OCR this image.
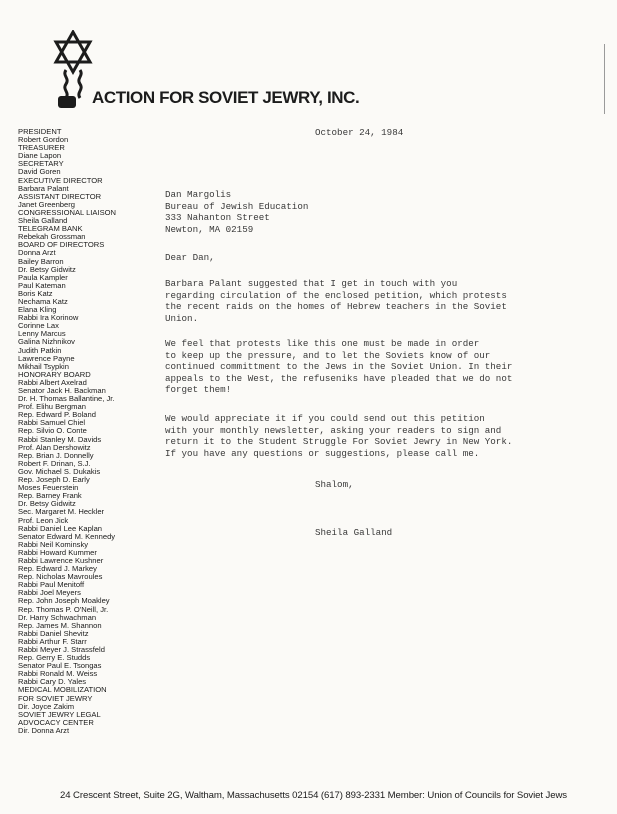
ACTION FOR SOVIET JEWRY, INC.
PRESIDENT
Robert Gordon
TREASURER
Diane Lapon
SECRETARY
David Goren
EXECUTIVE DIRECTOR
Barbara Palant
ASSISTANT DIRECTOR
Janet Greenberg
CONGRESSIONAL LIAISON
Sheila Galland
TELEGRAM BANK
Rebekah Grossman
BOARD OF DIRECTORS
Donna Arzt
Bailey Barron
Dr. Betsy Gidwitz
Paula Kampler
Paul Kateman
Boris Katz
Nechama Katz
Elana Kling
Rabbi Ira Korinow
Corinne Lax
Lenny Marcus
Galina Nizhnikov
Judith Patkin
Lawrence Payne
Mikhail Tsypkin
HONORARY BOARD
Rabbi Albert Axelrad
Senator Jack H. Backman
Dr. H. Thomas Ballantine, Jr.
Prof. Elihu Bergman
Rep. Edward P. Boland
Rabbi Samuel Chiel
Rep. Silvio O. Conte
Rabbi Stanley M. Davids
Prof. Alan Dershowitz
Rep. Brian J. Donnelly
Robert F. Drinan, S.J.
Gov. Michael S. Dukakis
Rep. Joseph D. Early
Moses Feuerstein
Rep. Barney Frank
Dr. Betsy Gidwitz
Sec. Margaret M. Heckler
Prof. Leon Jick
Rabbi Daniel Lee Kaplan
Senator Edward M. Kennedy
Rabbi Neil Kominsky
Rabbi Howard Kummer
Rabbi Lawrence Kushner
Rep. Edward J. Markey
Rep. Nicholas Mavroules
Rabbi Paul Menitoff
Rabbi Joel Meyers
Rep. John Joseph Moakley
Rep. Thomas P. O'Neill, Jr.
Dr. Harry Schwachman
Rep. James M. Shannon
Rabbi Daniel Shevitz
Rabbi Arthur F. Starr
Rabbi Meyer J. Strassfeld
Rep. Gerry E. Studds
Senator Paul E. Tsongas
Rabbi Ronald M. Weiss
Rabbi Cary D. Yales
MEDICAL MOBILIZATION
FOR SOVIET JEWRY
Dir. Joyce Zakim
SOVIET JEWRY LEGAL
ADVOCACY CENTER
Dir. Donna Arzt
October 24, 1984
Dan Margolis
Bureau of Jewish Education
333 Nahanton Street
Newton, MA 02159
Dear Dan,
Barbara Palant suggested that I get in touch with you
regarding circulation of the enclosed petition, which protests
the recent raids on the homes of Hebrew teachers in the Soviet
Union.
We feel that protests like this one must be made in order
to keep up the pressure, and to let the Soviets know of our
continued committment to the Jews in the Soviet Union. In their
appeals to the West, the refuseniks have pleaded that we do not
forget them!
We would appreciate it if you could send out this petition
with your monthly newsletter, asking your readers to sign and
return it to the Student Struggle For Soviet Jewry in New York.
If you have any questions or suggestions, please call me.
Shalom,
Sheila Galland
24 Crescent Street, Suite 2G, Waltham, Massachusetts 02154 (617) 893-2331 Member: Union of Councils for Soviet Jews
